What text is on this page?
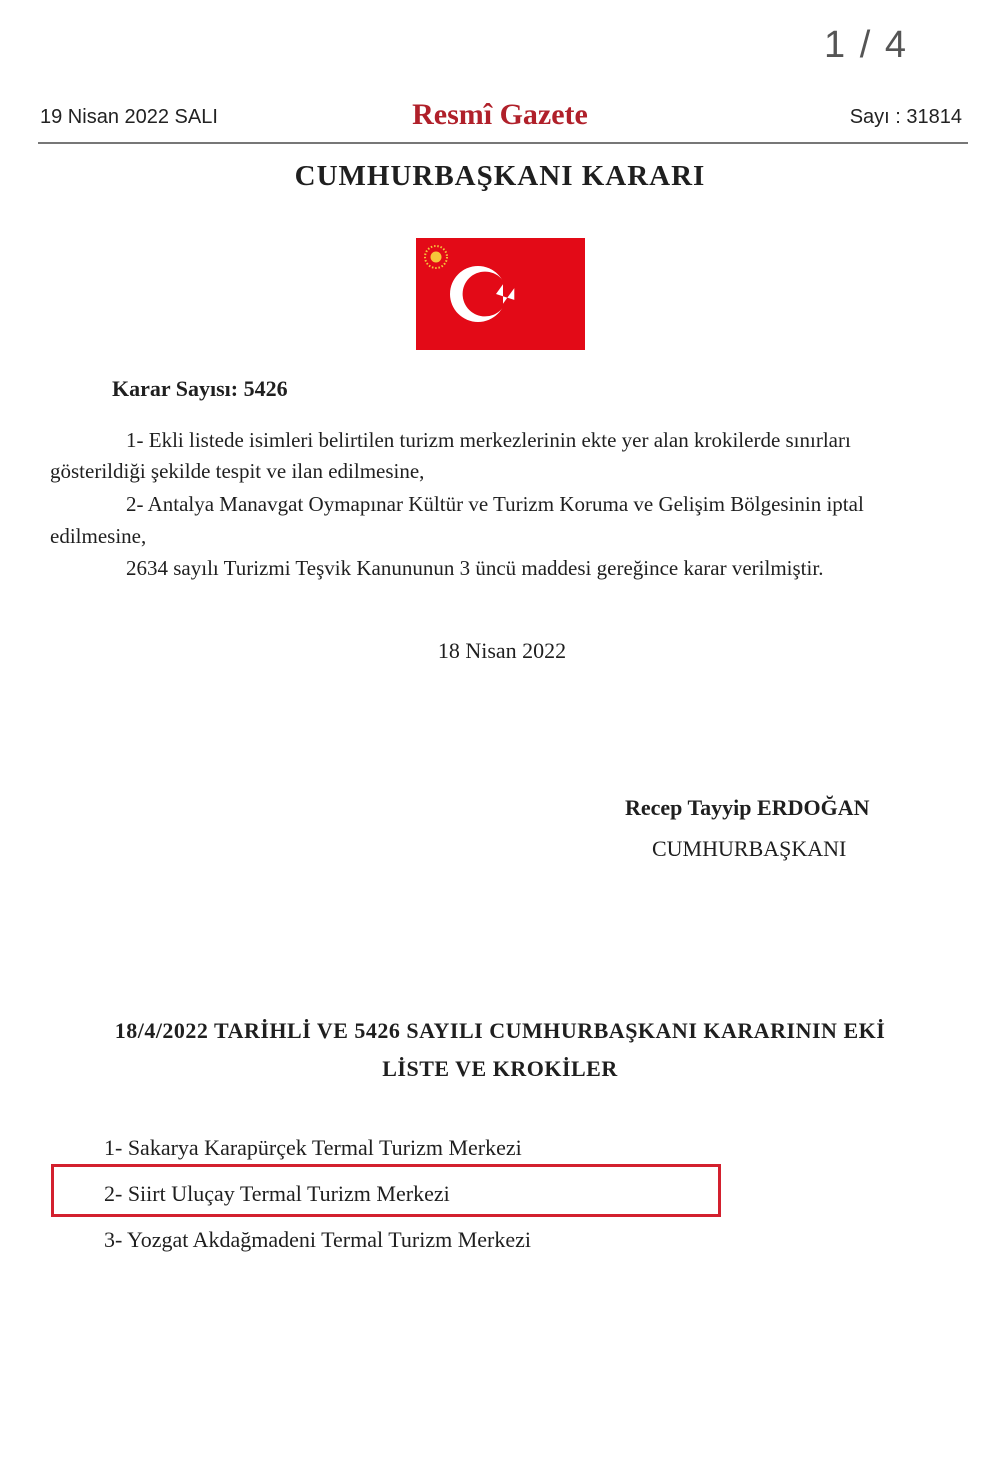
1 / 4
19 Nisan 2022 SALI	Resmî Gazete	Sayı : 31814
CUMHURBAŞKANI KARARI
Karar Sayısı: 5426
1- Ekli listede isimleri belirtilen turizm merkezlerinin ekte yer alan krokilerde sınırları
gösterildiği şekilde tespit ve ilan edilmesine,
2- Antalya Manavgat Oymapınar Kültür ve Turizm Koruma ve Gelişim Bölgesinin iptal
edilmesine,
2634 sayılı Turizmi Teşvik Kanununun 3 üncü maddesi gereğince karar verilmiştir.
18 Nisan 2022
Recep Tayyip ERDOĞAN
CUMHURBAŞKANI
18/4/2022 TARİHLİ VE 5426 SAYILI CUMHURBAŞKANI KARARININ EKİ
LİSTE VE KROKİLER
1- Sakarya Karapürçek Termal Turizm Merkezi
2- Siirt Uluçay Termal Turizm Merkezi
3- Yozgat Akdağmadeni Termal Turizm Merkezi
